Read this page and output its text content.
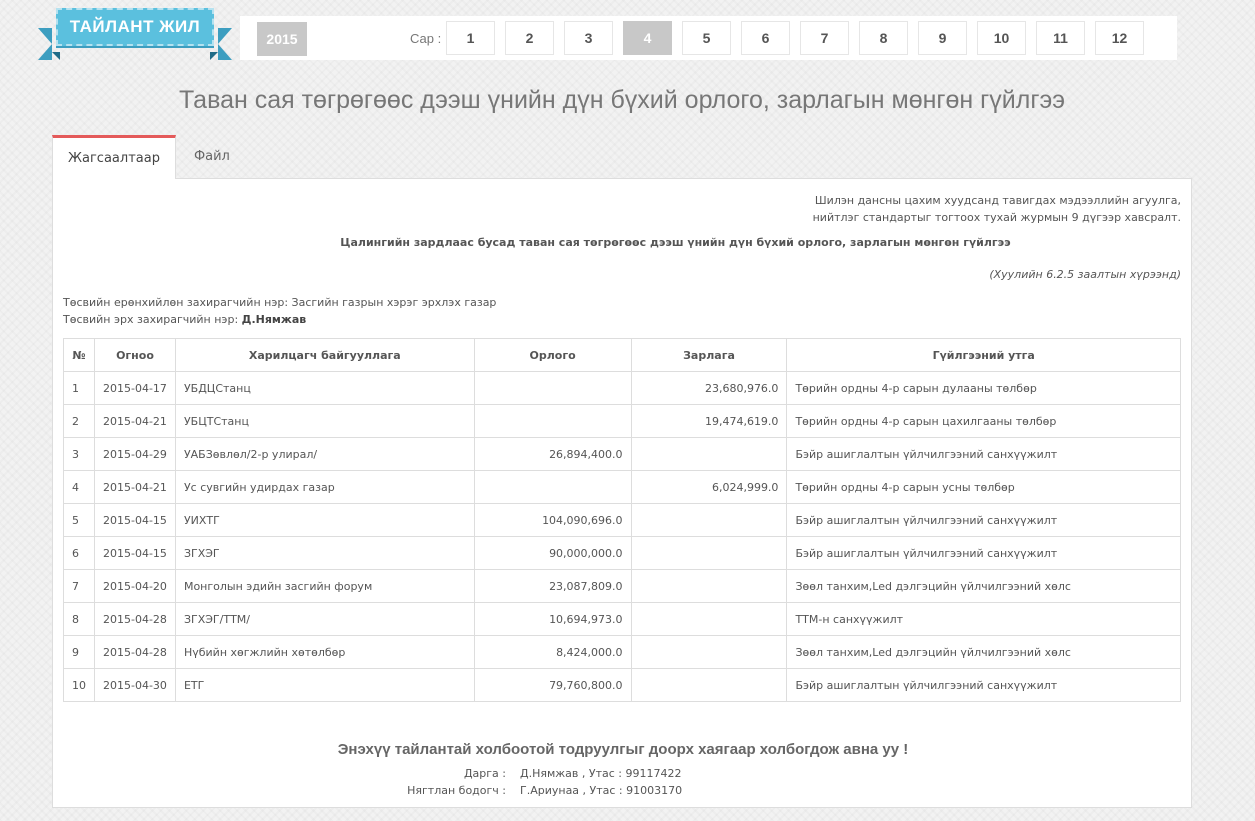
ТАЙЛАНТ ЖИЛ
2015	Сар :	1	2	3	4	5	6	7	8	9	10	11	12
Таван сая төгрөгөөс дээш үнийн дүн бүхий орлого, зарлагын мөнгөн гүйлгээ
Жагсаалтаар	Файл
Шилэн дансны цахим хуудсанд тавигдах мэдээллийн агуулга,
нийтлэг стандартыг тогтоох тухай журмын 9 дүгээр хавсралт.
Цалингийн зардлаас бусад таван сая төгрөгөөс дээш үнийн дүн бүхий орлого, зарлагын мөнгөн гүйлгээ
(Хуулийн 6.2.5 заалтын хүрээнд)
Төсвийн ерөнхийлөн захирагчийн нэр: Засгийн газрын хэрэг эрхлэх газар
Төсвийн эрх захирагчийн нэр: Д.Нямжав
№	Огноо	Харилцагч байгууллага	Орлого	Зарлага	Гүйлгээний утга
1	2015-04-17	УБДЦСтанц		23,680,976.0	Төрийн ордны 4-р сарын дулааны төлбөр
2	2015-04-21	УБЦТСтанц		19,474,619.0	Төрийн ордны 4-р сарын цахилгааны төлбөр
3	2015-04-29	УАБЗөвлөл/2-р улирал/	26,894,400.0		Бэйр ашиглалтын үйлчилгээний санхүүжилт
4	2015-04-21	Ус сувгийн удирдах газар		6,024,999.0	Төрийн ордны 4-р сарын усны төлбөр
5	2015-04-15	УИХТГ	104,090,696.0		Бэйр ашиглалтын үйлчилгээний санхүүжилт
6	2015-04-15	ЗГХЭГ	90,000,000.0		Бэйр ашиглалтын үйлчилгээний санхүүжилт
7	2015-04-20	Монголын эдийн засгийн форум	23,087,809.0		Зөөл танхим,Led дэлгэцийн үйлчилгээний хөлс
8	2015-04-28	ЗГХЭГ/ТТМ/	10,694,973.0		ТТМ-н санхүүжилт
9	2015-04-28	Нүбийн хөгжлийн хөтөлбөр	8,424,000.0		Зөөл танхим,Led дэлгэцийн үйлчилгээний хөлс
10	2015-04-30	ЕТГ	79,760,800.0		Бэйр ашиглалтын үйлчилгээний санхүүжилт
Энэхүү тайлантай холбоотой тодруулгыг доорх хаягаар холбогдож авна уу !
Дарга : Д.Нямжав , Утас : 99117422
Нягтлан бодогч : Г.Ариунаа , Утас : 91003170
